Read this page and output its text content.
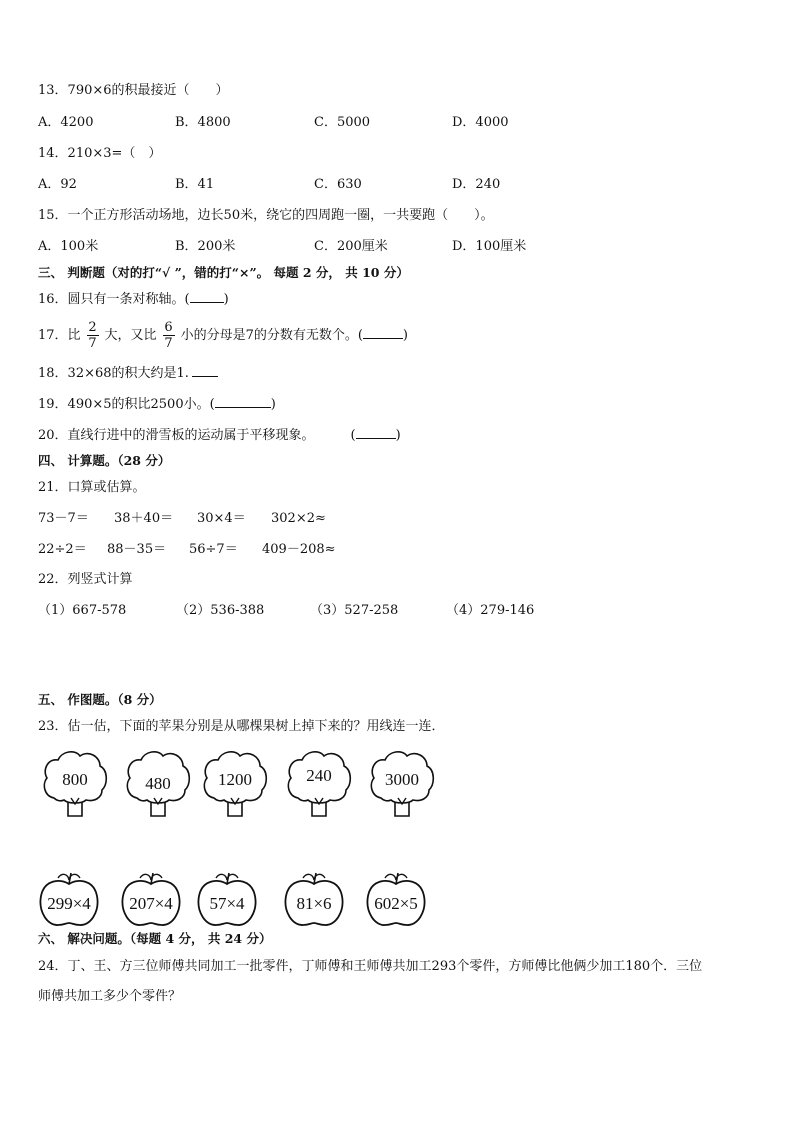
13．790×6的积最接近（　　）
A．4200	B．4800	C．5000	D．4000
14．210×3=（　）
A．92	B．41	C．630	D．240
15．一个正方形活动场地，边长50米，绕它的四周跑一圈，一共要跑（　　）。
A．100米	B．200米	C．200厘米	D．100厘米
三、 判断题（对的打“√ ”，错的打“×”。 每题 2 分， 共 10 分）
16．圆只有一条对称轴。(	)
17．比 $\frac{2}{7}$ 大，又比 $\frac{6}{7}$ 小的分母是7的分数有无数个。(	)
18．32×68的积大约是1.
19．490×5的积比2500小。(	)
20．直线行进中的滑雪板的运动属于平移现象。	(	)
四、 计算题。（28 分）
21．口算或估算。
73－7＝ 38＋40＝ 30×4＝ 302×2≈
22÷2＝ 88－35＝ 56÷7＝ 409－208≈
22．列竖式计算
（1）667-578	（2）536-388	（3）527-258	（4）279-146
五、 作图题。（8 分）
23．估一估，下面的苹果分别是从哪棵果树上掉下来的？用线连一连．
800	480	1200	240	3000
299×4	207×4	57×4	81×6	602×5
六、 解决问题。（每题 4 分， 共 24 分）
24．丁、王、方三位师傅共同加工一批零件，丁师傅和王师傅共加工293个零件，方师傅比他俩少加工180个．三位
师傅共加工多少个零件？
